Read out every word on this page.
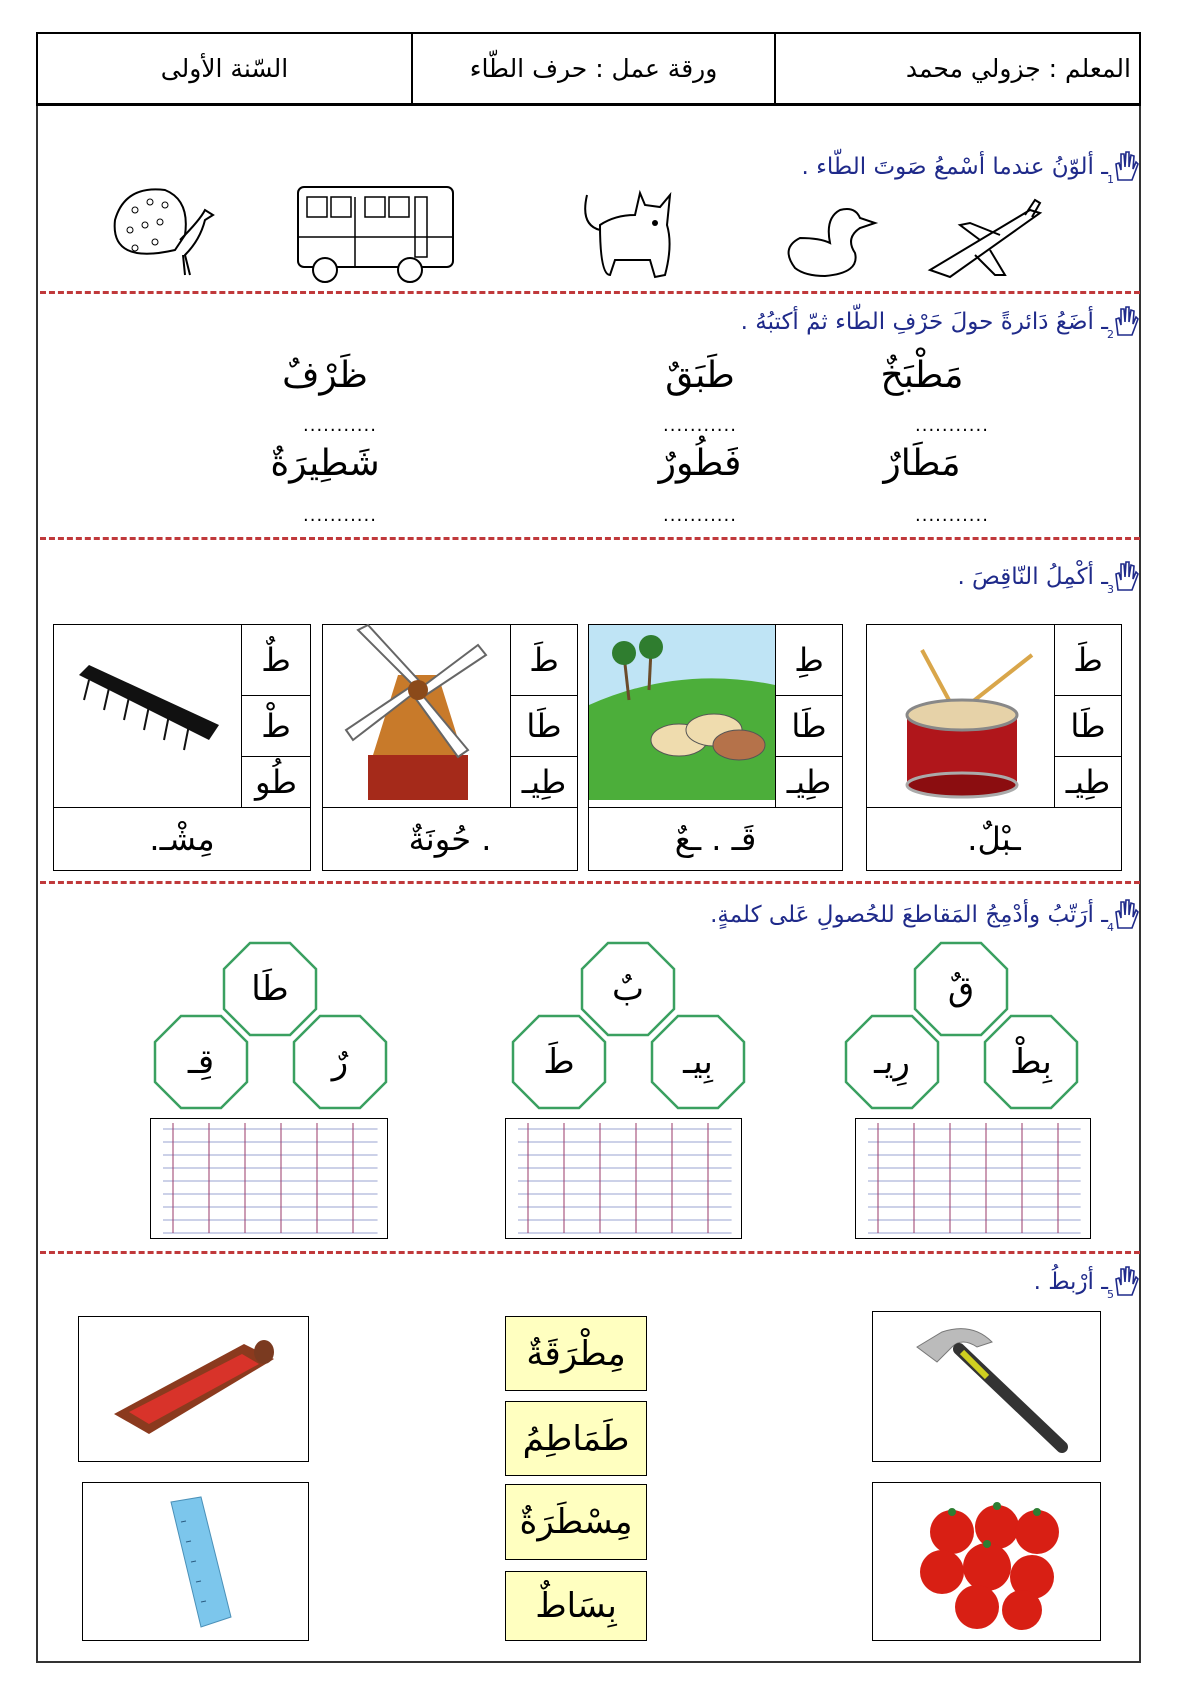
المعلم : جزولي محمد
ورقة عمل : حرف الطّاء
السّنة الأولى
1
ـ ألوّنُ عندما أسْمعُ صَوتَ الطّاء .
2
ـ أضَعُ دَائرةً حولَ حَرْفِ الطّاء ثمّ أكتبُهُ .
مَطْبَخٌ
طَبَقٌ
ظَرْفٌ
...........
...........
...........
مَطَارٌ
فَطُورٌ
شَطِيرَةٌ
...........
...........
...........
3
ـ أكْمِلُ النّاقِصَ .
طَ
طَا
طِيـ
ـبْلٌ.
طِ
طَا
طِيـ
قَـ . ـعٌ
طَ
طَا
طِيـ
. حُونَةٌ
طٌ
طْ
طُو
مِشْـ.
4
ـ أرَتّبُ وأدْمِجُ المَقاطعَ للحُصولِ عَلى كلمةٍ.
قٌ
رِيـ	بِطْ
بٌ
طَ	بِيـ
طَا
قِـ	رٌ
5
ـ أرْبطُ .
مِطْرَقَةٌ
طَمَاطِمُ
مِسْطَرَةٌ
بِسَاطٌ
